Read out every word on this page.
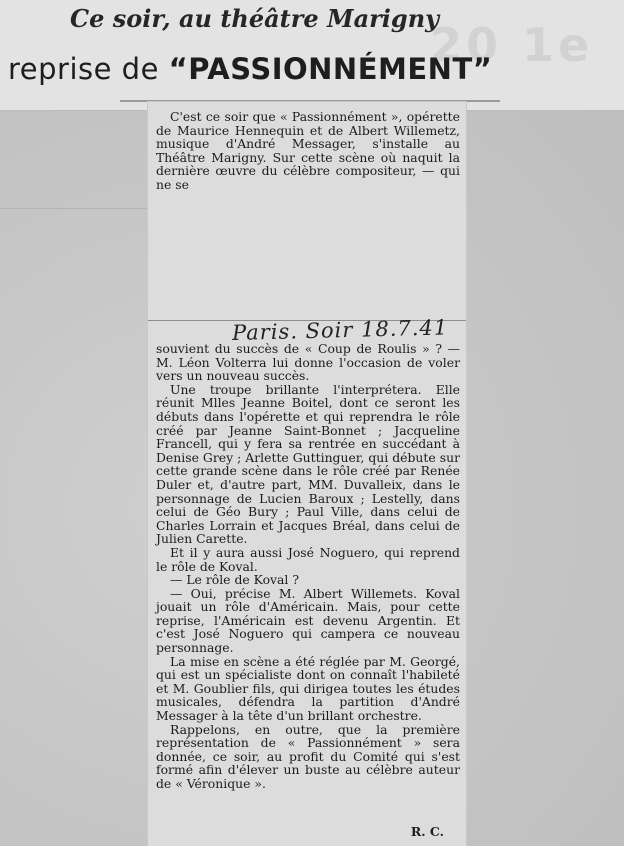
20 1e
Ce soir, au théâtre Marigny
reprise de “PASSIONNÉMENT”

C'est ce soir que « Passionnément », opérette de Maurice Hennequin et de Albert Willemetz, musique d'André Messager, s'installe au Théâtre Marigny. Sur cette scène où naquit la dernière œuvre du célèbre compositeur, — qui ne se

Paris. Soir 18.7.41

souvient du succès de « Coup de Roulis » ? — M. Léon Volterra lui donne l'occasion de voler vers un nouveau succès.

Une troupe brillante l'interprétera. Elle réunit Mlles Jeanne Boitel, dont ce seront les débuts dans l'opérette et qui reprendra le rôle créé par Jeanne Saint-Bonnet ; Jacqueline Francell, qui y fera sa rentrée en succédant à Denise Grey ; Arlette Guttinguer, qui débute sur cette grande scène dans le rôle créé par Renée Duler et, d'autre part, MM. Duvalleix, dans le personnage de Lucien Baroux ; Lestelly, dans celui de Géo Bury ; Paul Ville, dans celui de Charles Lorrain et Jacques Bréal, dans celui de Julien Carette.

Et il y aura aussi José Noguero, qui reprend le rôle de Koval.

— Le rôle de Koval ?

— Oui, précise M. Albert Willemets. Koval jouait un rôle d'Américain. Mais, pour cette reprise, l'Américain est devenu Argentin. Et c'est José Noguero qui campera ce nouveau personnage.

La mise en scène a été réglée par M. Georgé, qui est un spécialiste dont on connaît l'habileté et M. Goublier fils, qui dirigea toutes les études musicales, défendra la partition d'André Messager à la tête d'un brillant orchestre.

Rappelons, en outre, que la première représentation de « Passionnément » sera donnée, ce soir, au profit du Comité qui s'est formé afin d'élever un buste au célèbre auteur de « Véronique ».

R. C.
